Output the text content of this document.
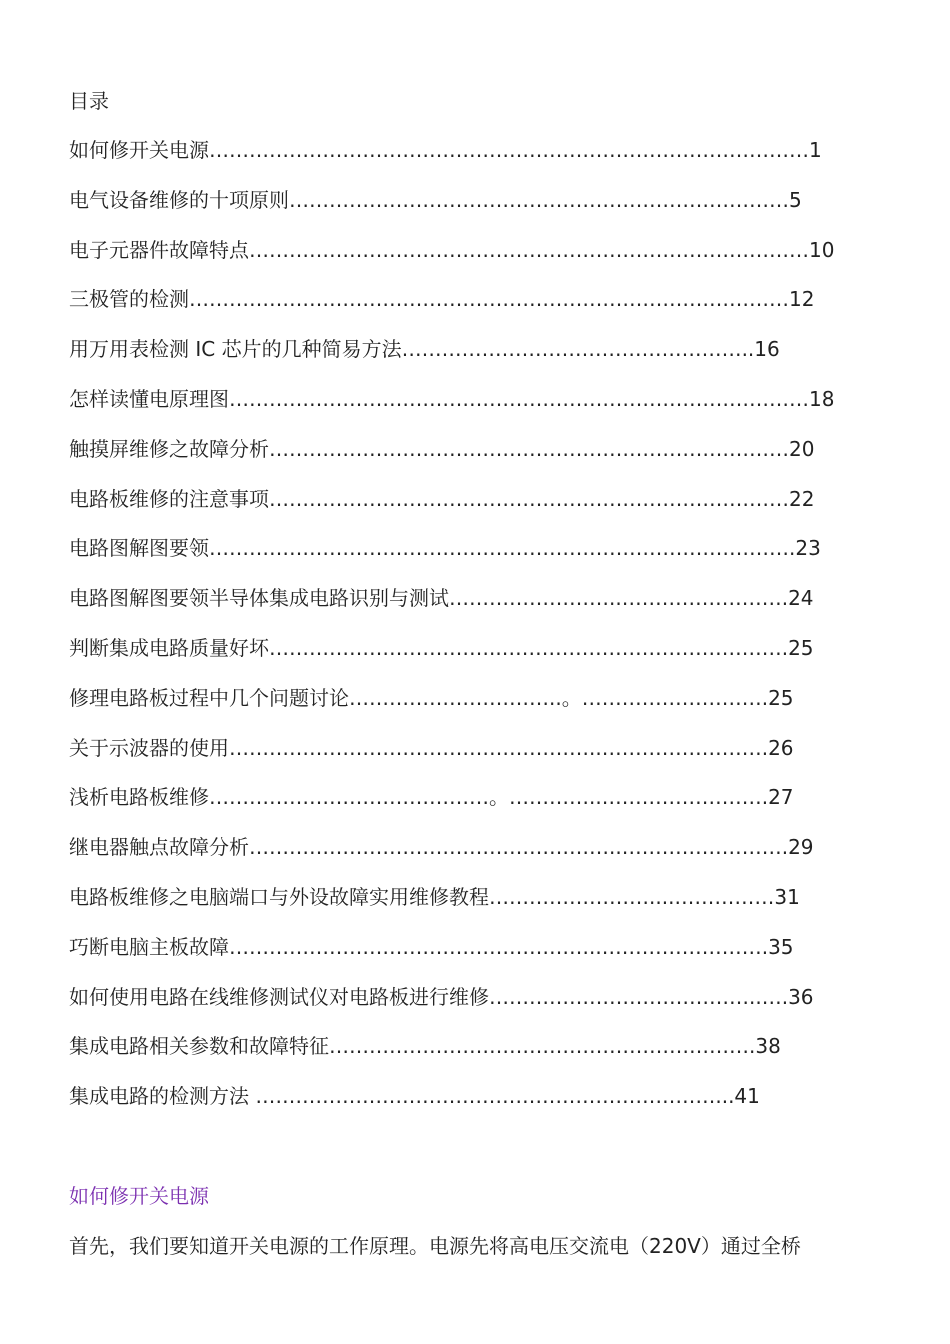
目录
如何修开关电源………………………………………………………………………………1
电气设备维修的十项原则…………………………………………………………………5
电子元器件故障特点…………………………………………………………………………10
三极管的检测………………………………………………………………………………12
用万用表检测 IC 芯片的几种简易方法……………………………………………..16
怎样读懂电原理图……………………………………………………………………………18
触摸屏维修之故障分析……………………………………………………………………20
电路板维修的注意事项……………………………………………………………………22
电路图解图要领…………………………………………………………………………….23
电路图解图要领半导体集成电路识别与测试……………………..…………………….24
判断集成电路质量好坏……………………………..…………………………………….25
修理电路板过程中几个问题讨论…………………………..。……………………….25
关于示波器的使用………………………………………………..…………………….26
浅析电路板维修……………………………………。…………..…………………….27
继电器触点故障分析………………………………………………..…………………….29
电路板维修之电脑端口与外设故障实用维修教程……………………....……………31
巧断电脑主板故障………………………………………………..…………………….35
如何使用电路在线维修测试仪对电路板进行维修…………………………………..….36
集成电路相关参数和故障特征……………………………………………………….38
集成电路的检测方法 ……………………………………………………………...41
如何修开关电源
首先，我们要知道开关电源的工作原理。电源先将高电压交流电（220V）通过全桥
